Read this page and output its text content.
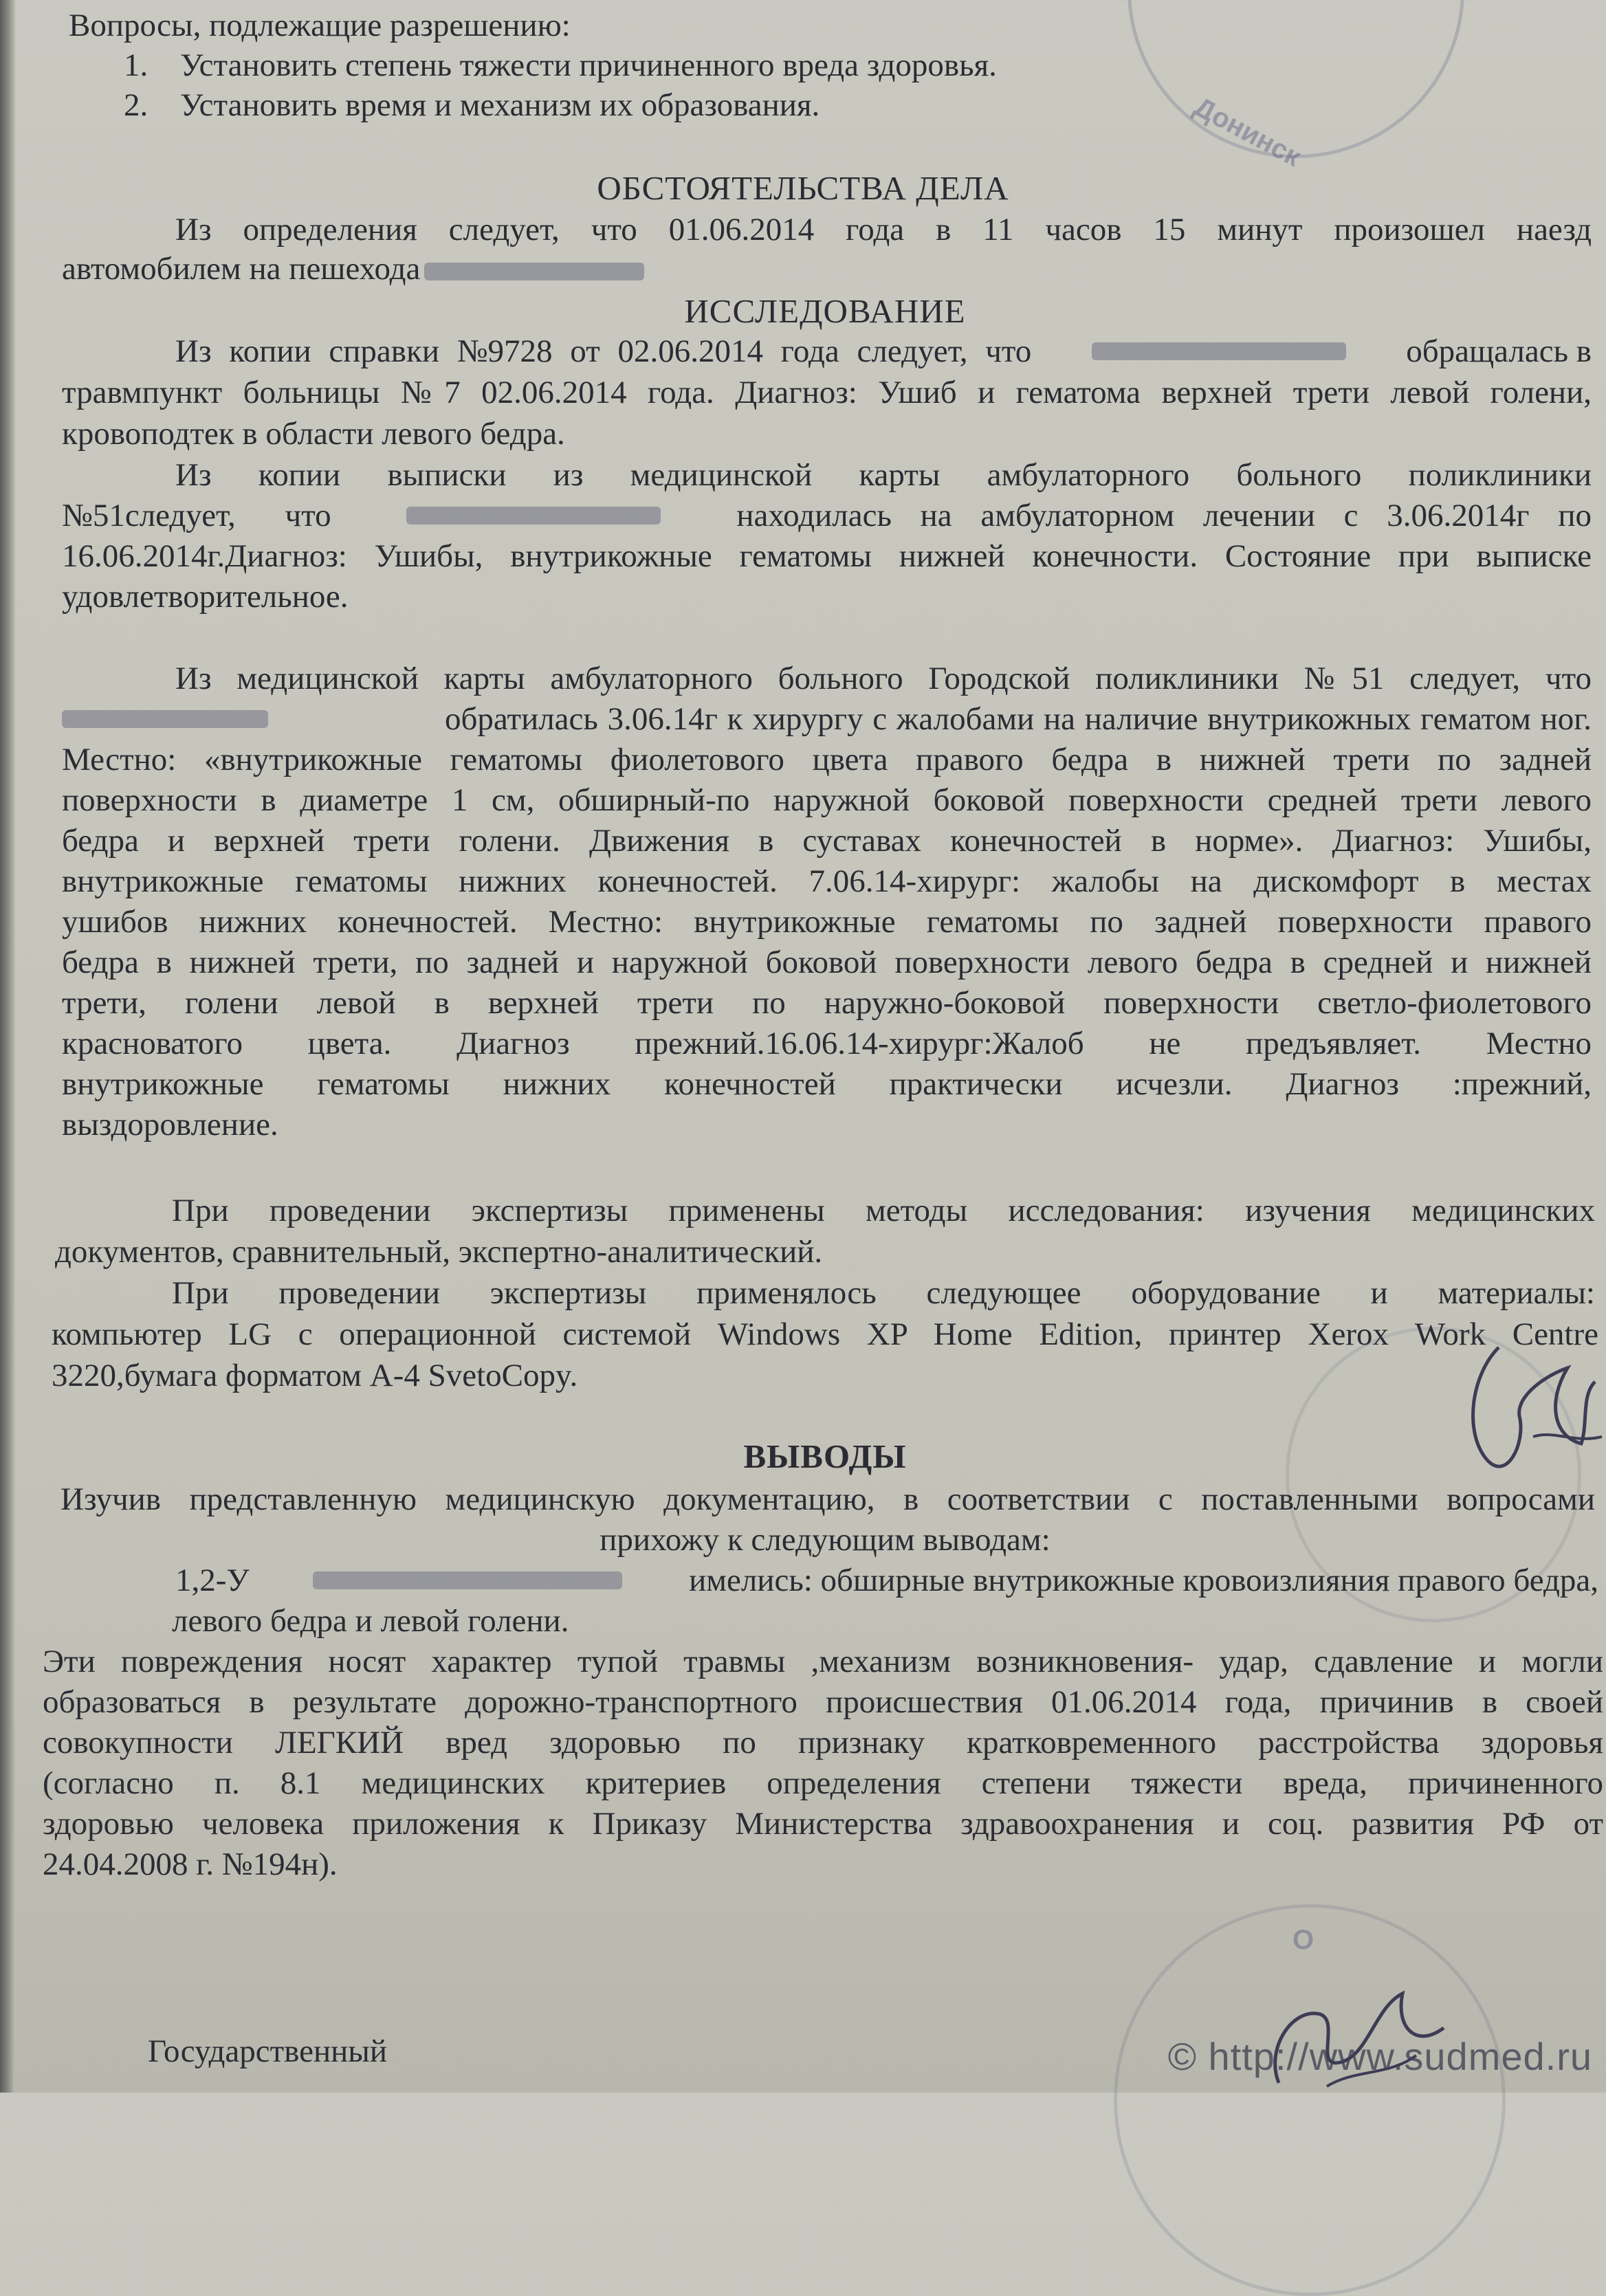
Донинск
Вопросы, подлежащие разрешению:
1. Установить степень тяжести причиненного вреда здоровья.
2. Установить время и механизм их образования.
ОБСТОЯТЕЛЬСТВА ДЕЛА
Из определения следует, что 01.06.2014 года в 11 часов 15 минут произошел наезд
автомобилем на пешехода
ИССЛЕДОВАНИЕ
Из копии справки №9728 от 02.06.2014 года следует, что	обращалась в
травмпункт больницы №7 02.06.2014 года. Диагноз: Ушиб и гематома верхней трети левой голени,
кровоподтек в области левого бедра.
Из копии выписки из медицинской карты амбулаторного больного поликлиники
№51следует, что	находилась на амбулаторном лечении с 3.06.2014г по
16.06.2014г.Диагноз: Ушибы, внутрикожные гематомы нижней конечности. Состояние при выписке
удовлетворительное.
Из медицинской карты амбулаторного больного Городской поликлиники №51 следует, что
обратилась 3.06.14г к хирургу с жалобами на наличие внутрикожных гематом ног.
Местно: «внутрикожные гематомы фиолетового цвета правого бедра в нижней трети по задней
поверхности в диаметре 1 см, обширный-по наружной боковой поверхности средней трети левого
бедра и верхней трети голени. Движения в суставах конечностей в норме». Диагноз: Ушибы,
внутрикожные гематомы нижних конечностей. 7.06.14-хирург: жалобы на дискомфорт в местах
ушибов нижних конечностей. Местно: внутрикожные гематомы по задней поверхности правого
бедра в нижней трети, по задней и наружной боковой поверхности левого бедра в средней и нижней
трети, голени левой в верхней трети по наружно-боковой поверхности светло-фиолетового
красноватого цвета. Диагноз прежний.16.06.14-хирург:Жалоб не предъявляет. Местно
внутрикожные гематомы нижних конечностей практически исчезли. Диагноз :прежний,
выздоровление.
При проведении экспертизы применены методы исследования: изучения медицинских
документов, сравнительный, экспертно-аналитический.
При проведении экспертизы применялось следующее оборудование и материалы:
компьютер LG с операционной системой Windows XP Home Edition, принтер Xerox Work Centre
3220,бумага форматом А-4 SvetoCopy.
ВЫВОДЫ
Изучив представленную медицинскую документацию, в соответствии с поставленными вопросами
прихожу к следующим выводам:
1,2-У	имелись: обширные внутрикожные кровоизлияния правого бедра,
левого бедра и левой голени.
Эти повреждения носят характер тупой травмы ,механизм возникновения- удар, сдавление и могли
образоваться в результате дорожно-транспортного происшествия 01.06.2014 года, причинив в своей
совокупности ЛЕГКИЙ вред здоровью по признаку кратковременного расстройства здоровья
(согласно п. 8.1 медицинских критериев определения степени тяжести вреда, причиненного
здоровью человека приложения к Приказу Министерства здравоохранения и соц. развития РФ от
24.04.2008 г. №194н).
О
Государственный	© http://www.sudmed.ru
